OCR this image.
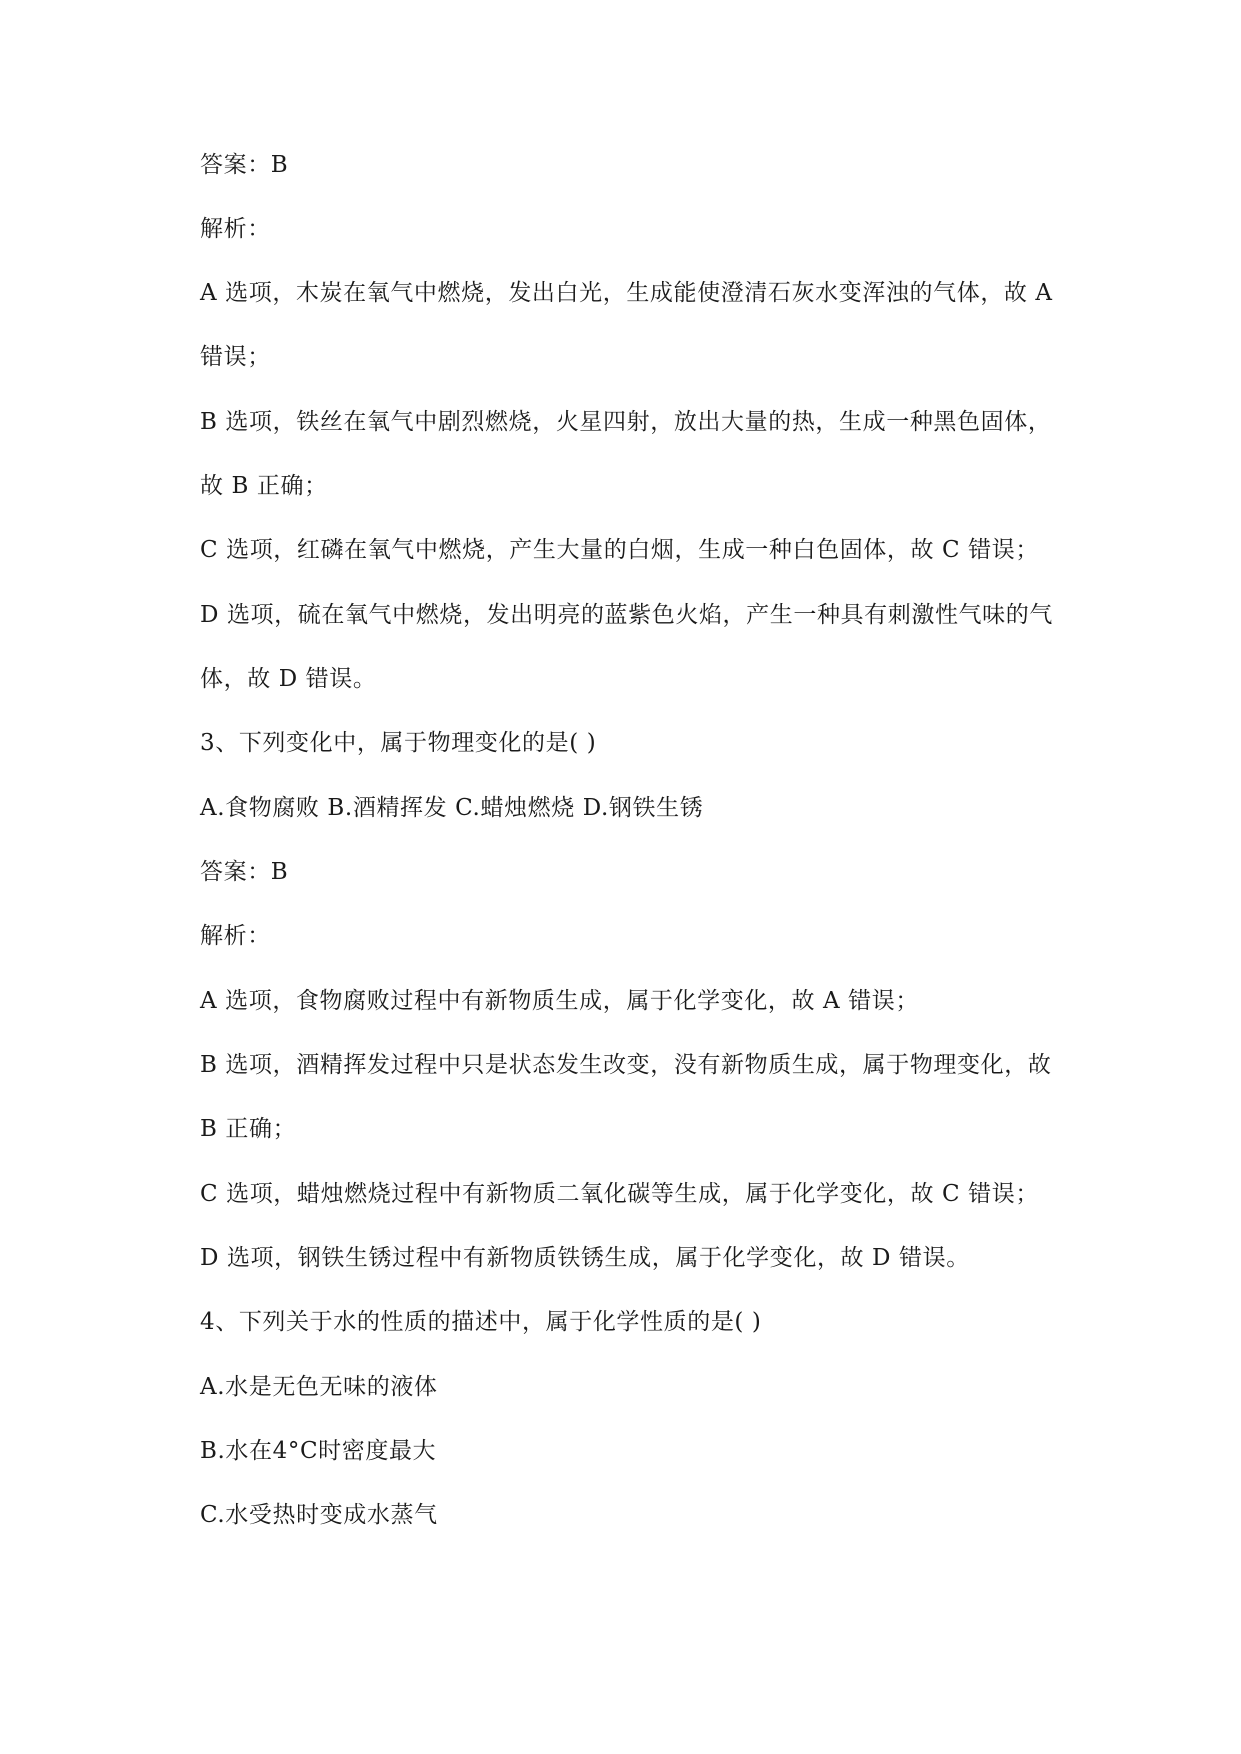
答案：B

解析：

A 选项，木炭在氧气中燃烧，发出白光，生成能使澄清石灰水变浑浊的气体，故 A

错误；

B 选项，铁丝在氧气中剧烈燃烧，火星四射，放出大量的热，生成一种黑色固体，

故 B 正确；

C 选项，红磷在氧气中燃烧，产生大量的白烟，生成一种白色固体，故 C 错误；

D 选项，硫在氧气中燃烧，发出明亮的蓝紫色火焰，产生一种具有刺激性气味的气

体，故 D 错误。

3、下列变化中，属于物理变化的是( )

A.食物腐败 B.酒精挥发 C.蜡烛燃烧 D.钢铁生锈

答案：B

解析：

A 选项，食物腐败过程中有新物质生成，属于化学变化，故 A 错误；

B 选项，酒精挥发过程中只是状态发生改变，没有新物质生成，属于物理变化，故

B 正确；

C 选项，蜡烛燃烧过程中有新物质二氧化碳等生成，属于化学变化，故 C 错误；

D 选项，钢铁生锈过程中有新物质铁锈生成，属于化学变化，故 D 错误。

4、下列关于水的性质的描述中，属于化学性质的是( )

A.水是无色无味的液体

B.水在4°C时密度最大

C.水受热时变成水蒸气
